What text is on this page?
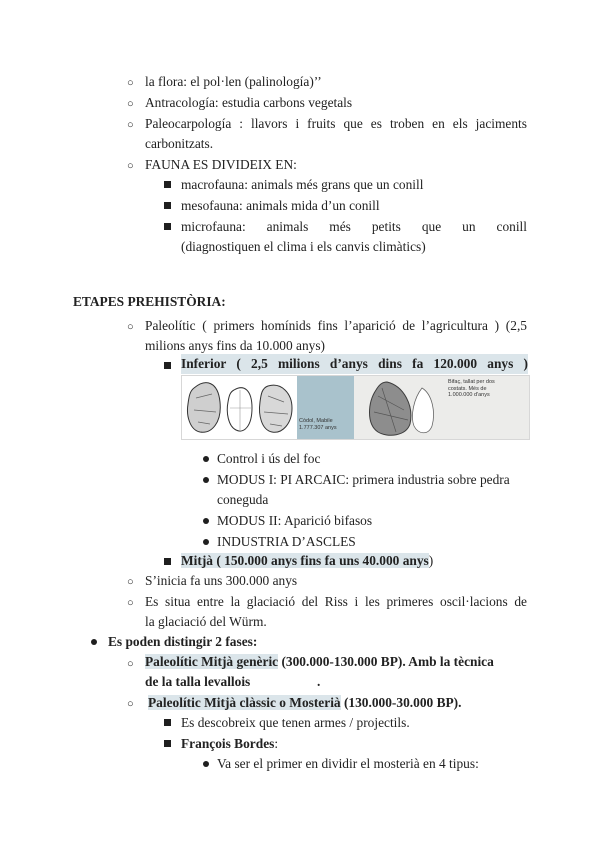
○ la flora: el pol·len (palinología)’’
○ Antracología: estudia carbons vegetals
○ Paleocarpología : llavors i fruits que es troben en els jaciments
carbonitzats.
○ FAUNA ES DIVIDEIX EN:
macrofauna: animals més grans que un conill
mesofauna: animals mida d’un conill
microfauna: animals més petits que un conill
(diagnostiquen el clima i els canvis climàtics)
ETAPES PREHISTÒRIA:
○ Paleolític ( primers homínids fins l’aparició de l’agricultura ) (2,5
milions anys fins da 10.000 anys)
Inferior ( 2,5 milions d’anys dins fa 120.000 anys )
Còdol, Mabile 1.777.307 anys
Bifaç, tallat per dos costats. Més de 1.000.000 d'anys
Control i ús del foc
MODUS I: PI ARCAIC: primera industria sobre pedra
coneguda
MODUS II: Aparició bifasos
INDUSTRIA D’ASCLES
Mitjà ( 150.000 anys fins fa uns 40.000 anys)
○ S’inicia fa uns 300.000 anys
○ Es situa entre la glaciació del Riss i les primeres oscil·lacions de
la glaciació del Würm.
Es poden distingir 2 fases:
○ Paleolític Mitjà genèric (300.000-130.000 BP). Amb la tècnica
de la talla levallois	.
○ Paleolític Mitjà clàssic o Mosterià (130.000-30.000 BP).
Es descobreix que tenen armes / projectils.
François Bordes:
Va ser el primer en dividir el mosterià en 4 tipus:
